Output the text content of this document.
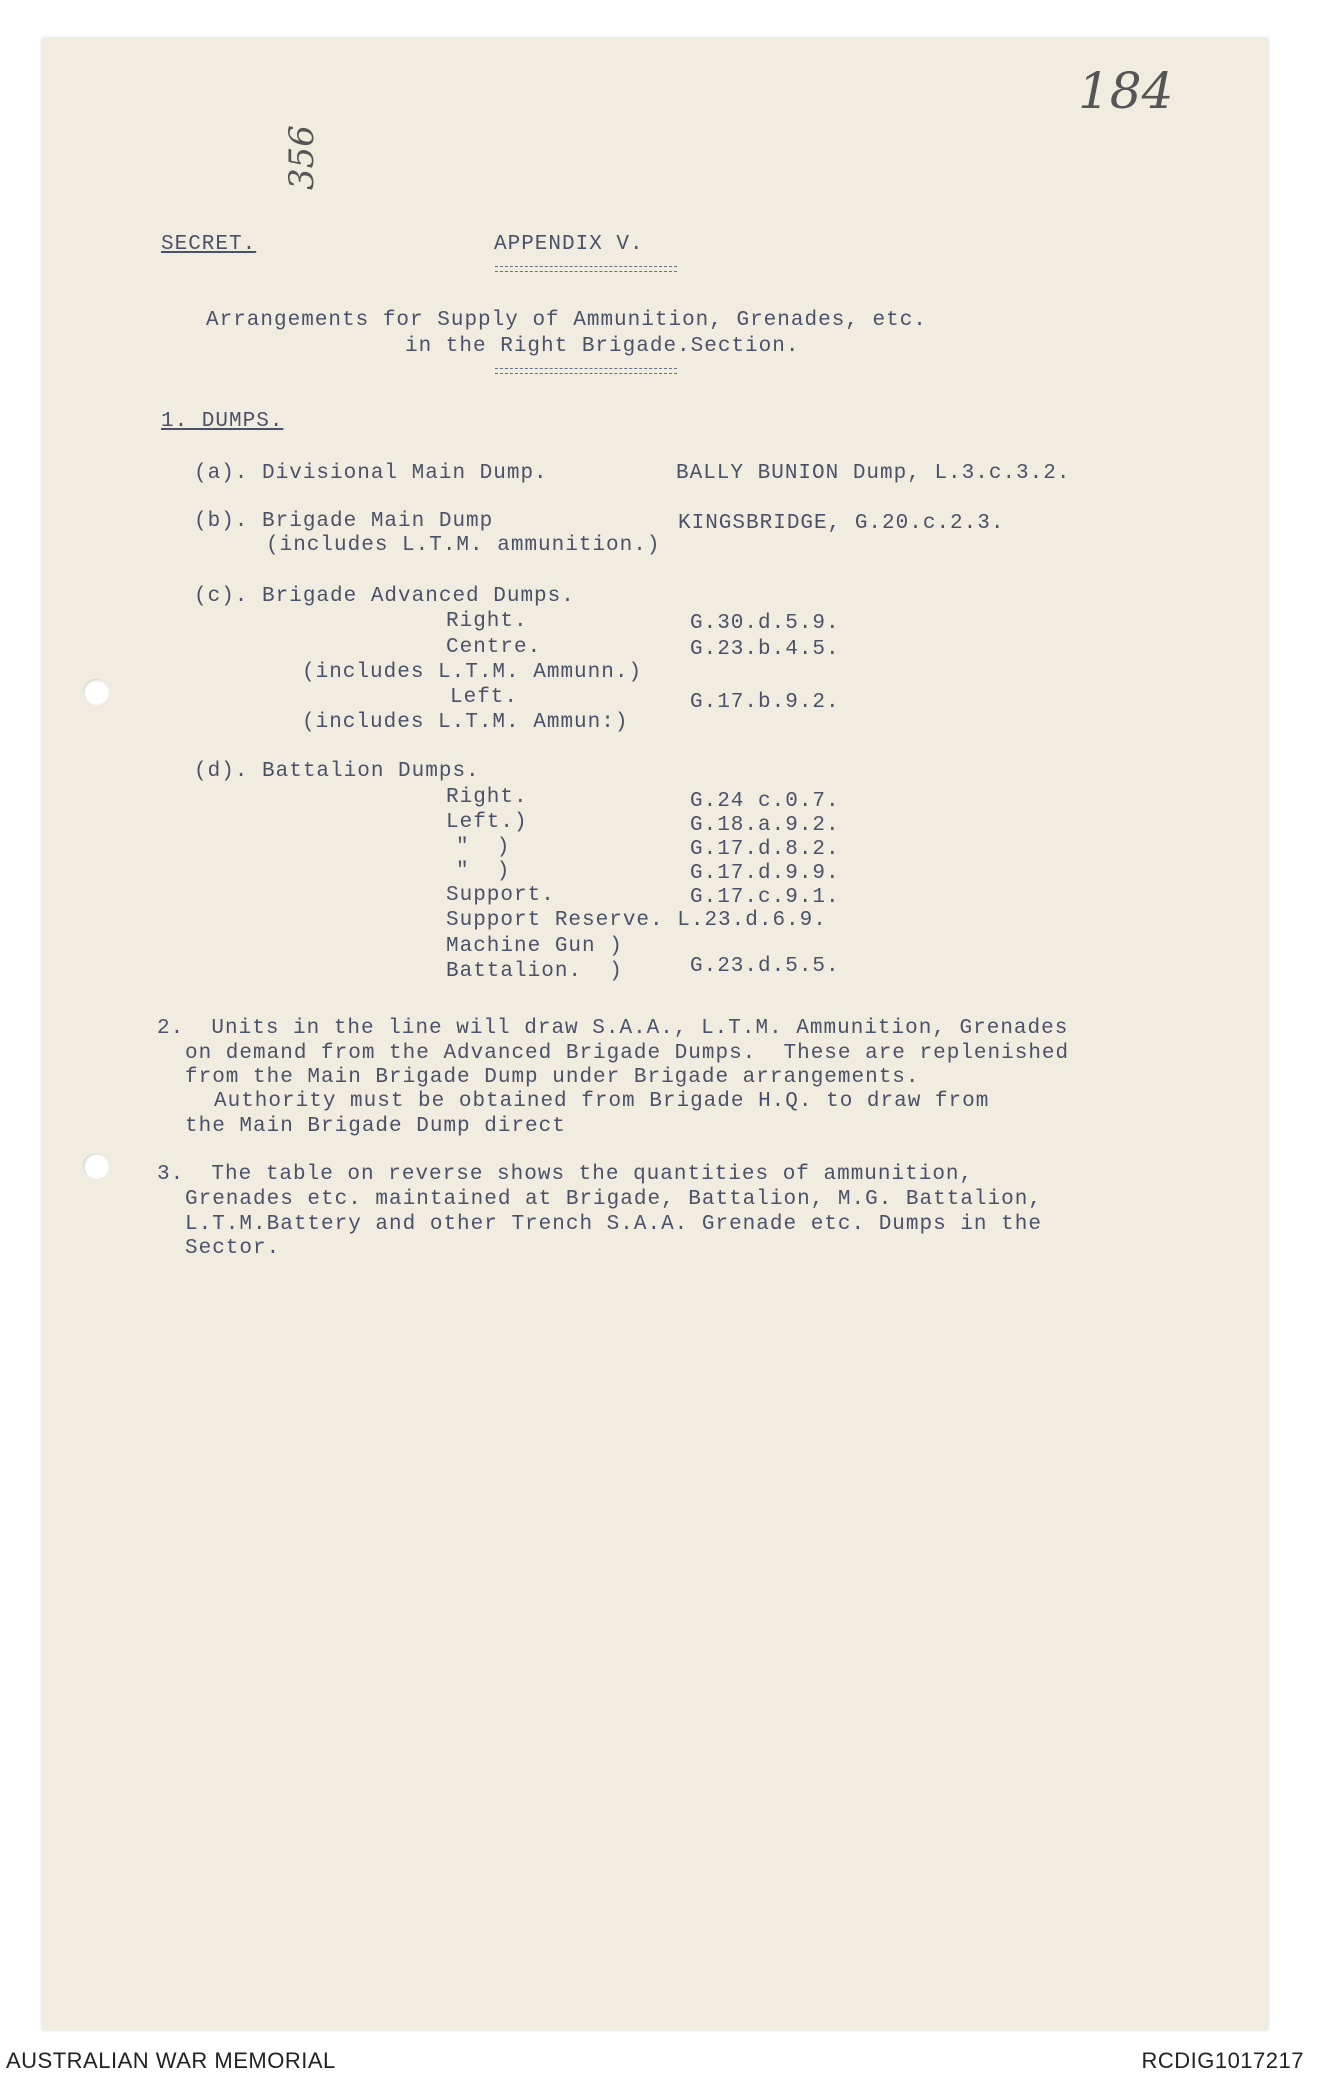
356
184
SECRET.	APPENDIX V.
Arrangements for Supply of Ammunition, Grenades, etc.
in the Right Brigade.Section.
1. DUMPS.
(a). Divisional Main Dump.	BALLY BUNION Dump, L.3.c.3.2.
(b). Brigade Main Dump	KINGSBRIDGE, G.20.c.2.3.
(includes L.T.M. ammunition.)
(c). Brigade Advanced Dumps.
Right.	G.30.d.5.9.
Centre.	G.23.b.4.5.
(includes L.T.M. Ammunn.)
Left.	G.17.b.9.2.
(includes L.T.M. Ammun:)
(d). Battalion Dumps.
Right.	G.24 c.0.7.
Left.)	G.18.a.9.2.
"  )	G.17.d.8.2.
"  )	G.17.d.9.9.
Support.	G.17.c.9.1.
Support Reserve. L.23.d.6.9.
Machine Gun )
Battalion.  )	G.23.d.5.5.
2.  Units in the line will draw S.A.A., L.T.M. Ammunition, Grenades
on demand from the Advanced Brigade Dumps.  These are replenished
from the Main Brigade Dump under Brigade arrangements.
Authority must be obtained from Brigade H.Q. to draw from
the Main Brigade Dump direct
3.  The table on reverse shows the quantities of ammunition,
Grenades etc. maintained at Brigade, Battalion, M.G. Battalion,
L.T.M.Battery and other Trench S.A.A. Grenade etc. Dumps in the
Sector.
AUSTRALIAN WAR MEMORIAL	RCDIG1017217
